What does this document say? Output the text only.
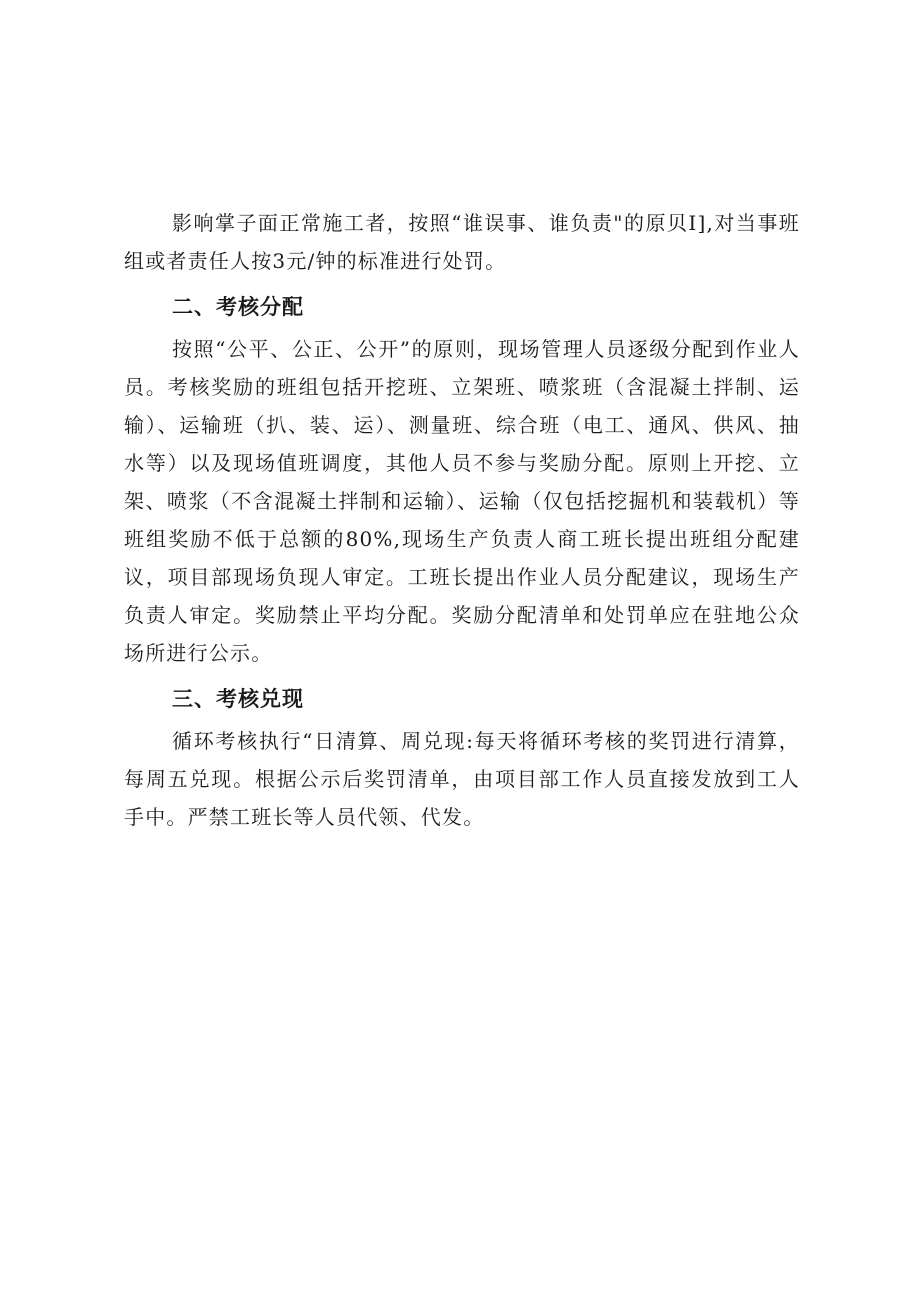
影响掌子面正常施工者，按照“谁误事、谁负责"的原贝I],对当事班组或者责任人按3元/钟的标准进行处罚。

二、考核分配

按照“公平、公正、公开”的原则，现场管理人员逐级分配到作业人员。考核奖励的班组包括开挖班、立架班、喷浆班（含混凝土拌制、运输）、运输班（扒、装、运）、测量班、综合班（电工、通风、供风、抽水等）以及现场值班调度，其他人员不参与奖励分配。原则上开挖、立架、喷浆（不含混凝土拌制和运输）、运输（仅包括挖掘机和装载机）等班组奖励不低于总额的80%,现场生产负责人商工班长提出班组分配建议，项目部现场负现人审定。工班长提出作业人员分配建议，现场生产负责人审定。奖励禁止平均分配。奖励分配清单和处罚单应在驻地公众场所进行公示。

三、考核兑现

循环考核执行“日清算、周兑现:每天将循环考核的奖罚进行清算，每周五兑现。根据公示后奖罚清单，由项目部工作人员直接发放到工人手中。严禁工班长等人员代领、代发。
